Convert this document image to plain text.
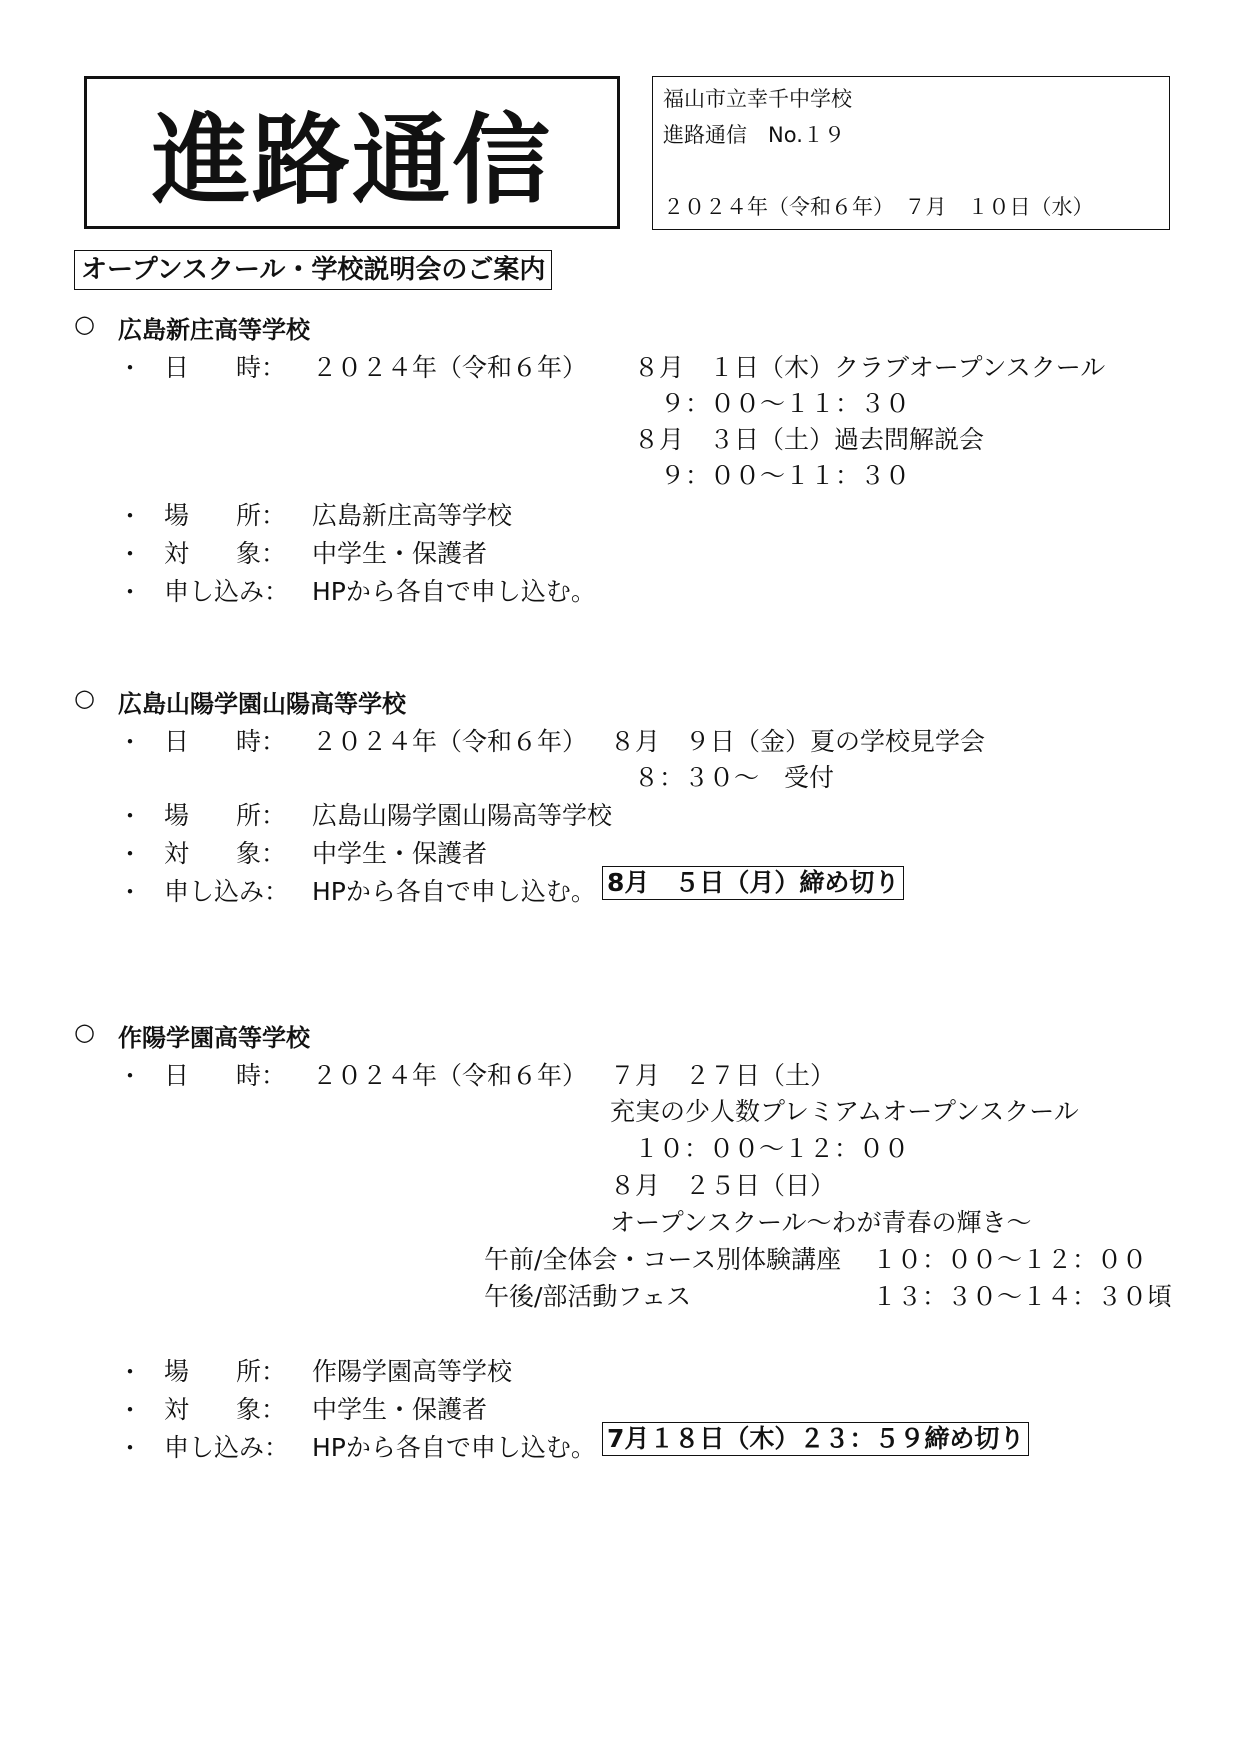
進路通信
福山市立幸千中学校
進路通信　No.１９
２０２４年（令和６年）　７月　１０日（水）
オープンスクール・学校説明会のご案内
○ 広島新庄高等学校
・ 日 時： ２０２４年（令和６年） ８月　１日（木）クラブオープンスクール
９：００～１１：３０
８月　３日（土）過去問解説会
９：００～１１：３０
・ 場 所： 広島新庄高等学校
・ 対 象： 中学生・保護者
・ 申し込み： HPから各自で申し込む。
○ 広島山陽学園山陽高等学校
・ 日 時： ２０２４年（令和６年） ８月　９日（金）夏の学校見学会
８：３０～　受付
・ 場 所： 広島山陽学園山陽高等学校
・ 対 象： 中学生・保護者
・ 申し込み： HPから各自で申し込む。 8月　５日（月）締め切り
○ 作陽学園高等学校
・ 日 時： ２０２４年（令和６年） ７月　２７日（土）
充実の少人数プレミアムオープンスクール
１０：００～１２：００
８月　２５日（日）
オープンスクール～わが青春の輝き～
午前/全体会・コース別体験講座 １０：００～１２：００
午後/部活動フェス	１３：３０～１４：３０頃
・ 場 所： 作陽学園高等学校
・ 対 象： 中学生・保護者
・ 申し込み： HPから各自で申し込む。 7月１８日（木）２３：５９締め切り
